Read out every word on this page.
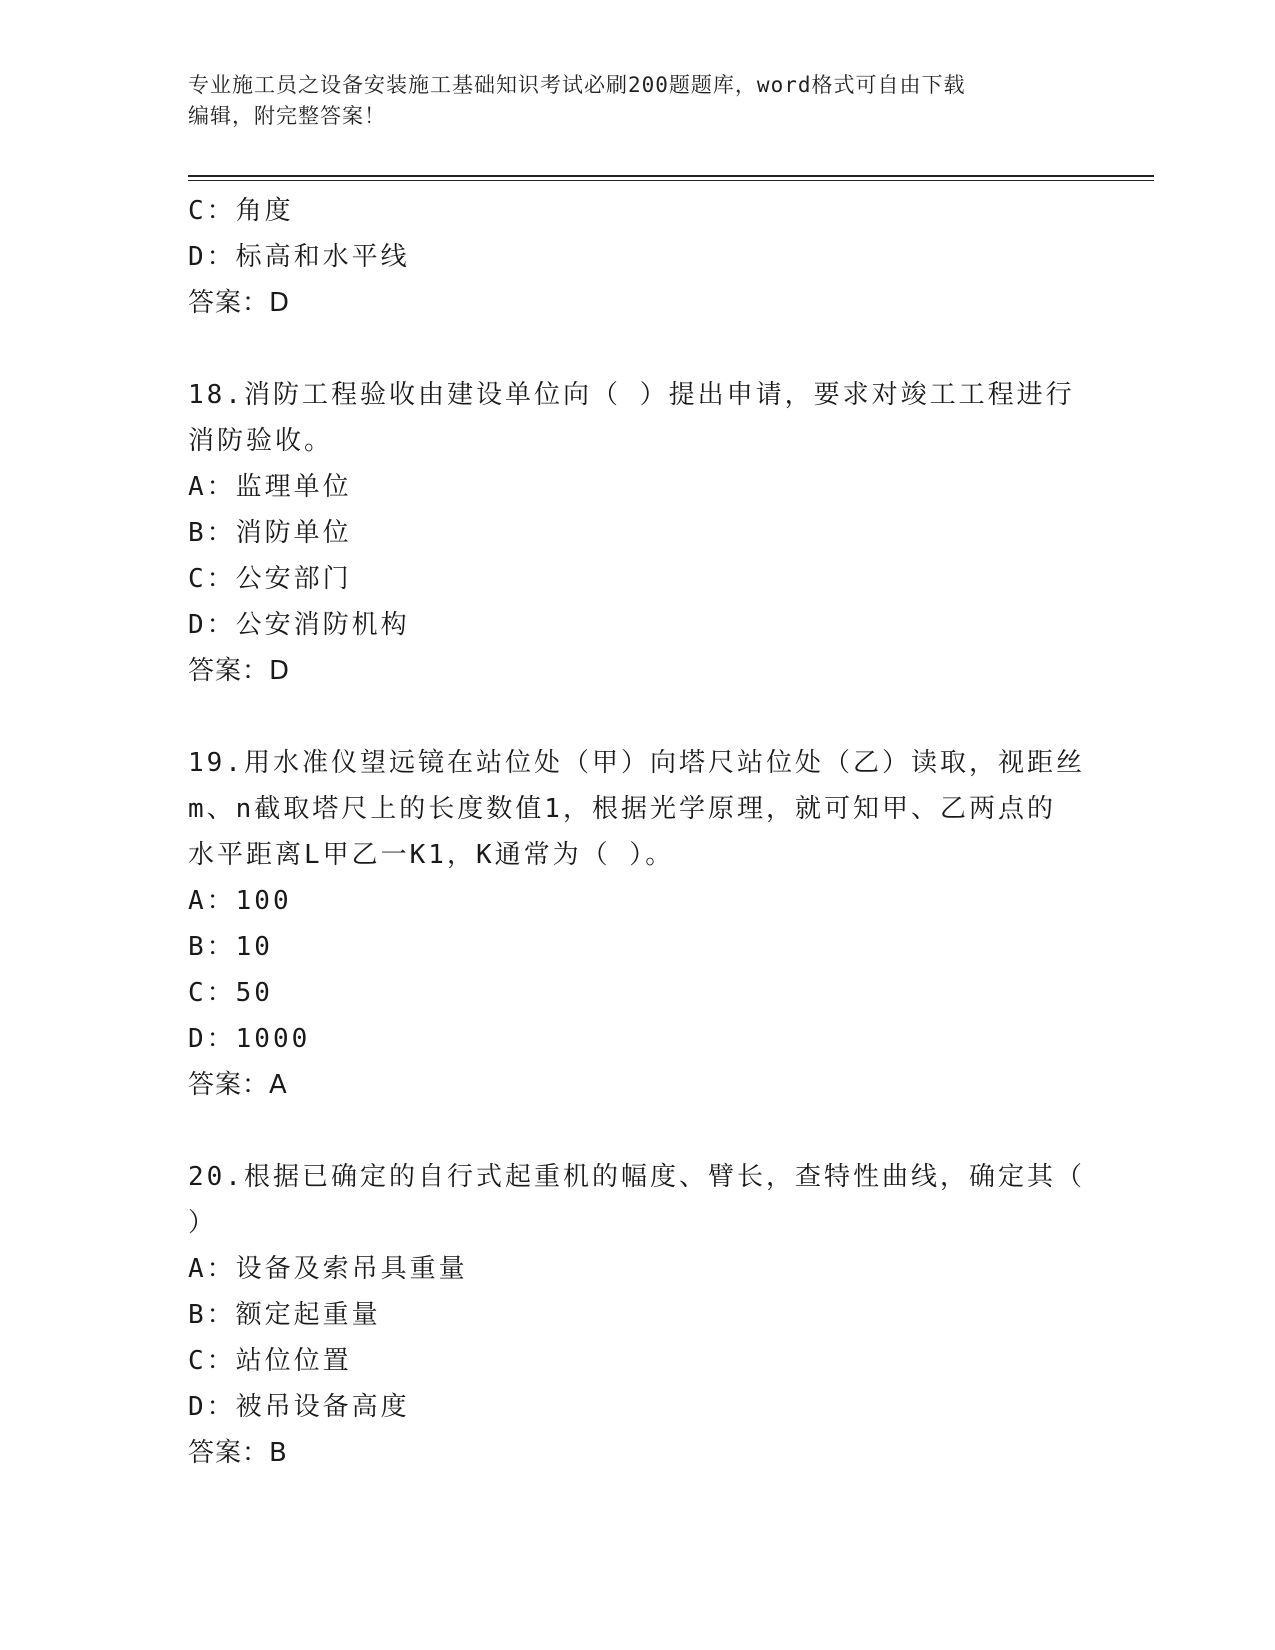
专业施工员之设备安装施工基础知识考试必刷200题题库，word格式可自由下载
编辑，附完整答案！
C：角度
D：标高和水平线
答案：D
18.消防工程验收由建设单位向（ ）提出申请，要求对竣工工程进行
消防验收。
A：监理单位
B：消防单位
C：公安部门
D：公安消防机构
答案：D
19.用水准仪望远镜在站位处（甲）向塔尺站位处（乙）读取，视距丝
m、n截取塔尺上的长度数值1，根据光学原理，就可知甲、乙两点的
水平距离L甲乙一K1，K通常为（ ）。
A：100
B：10
C：50
D：1000
答案：A
20.根据已确定的自行式起重机的幅度、臂长，查特性曲线，确定其（
）
A：设备及索吊具重量
B：额定起重量
C：站位位置
D：被吊设备高度
答案：B
